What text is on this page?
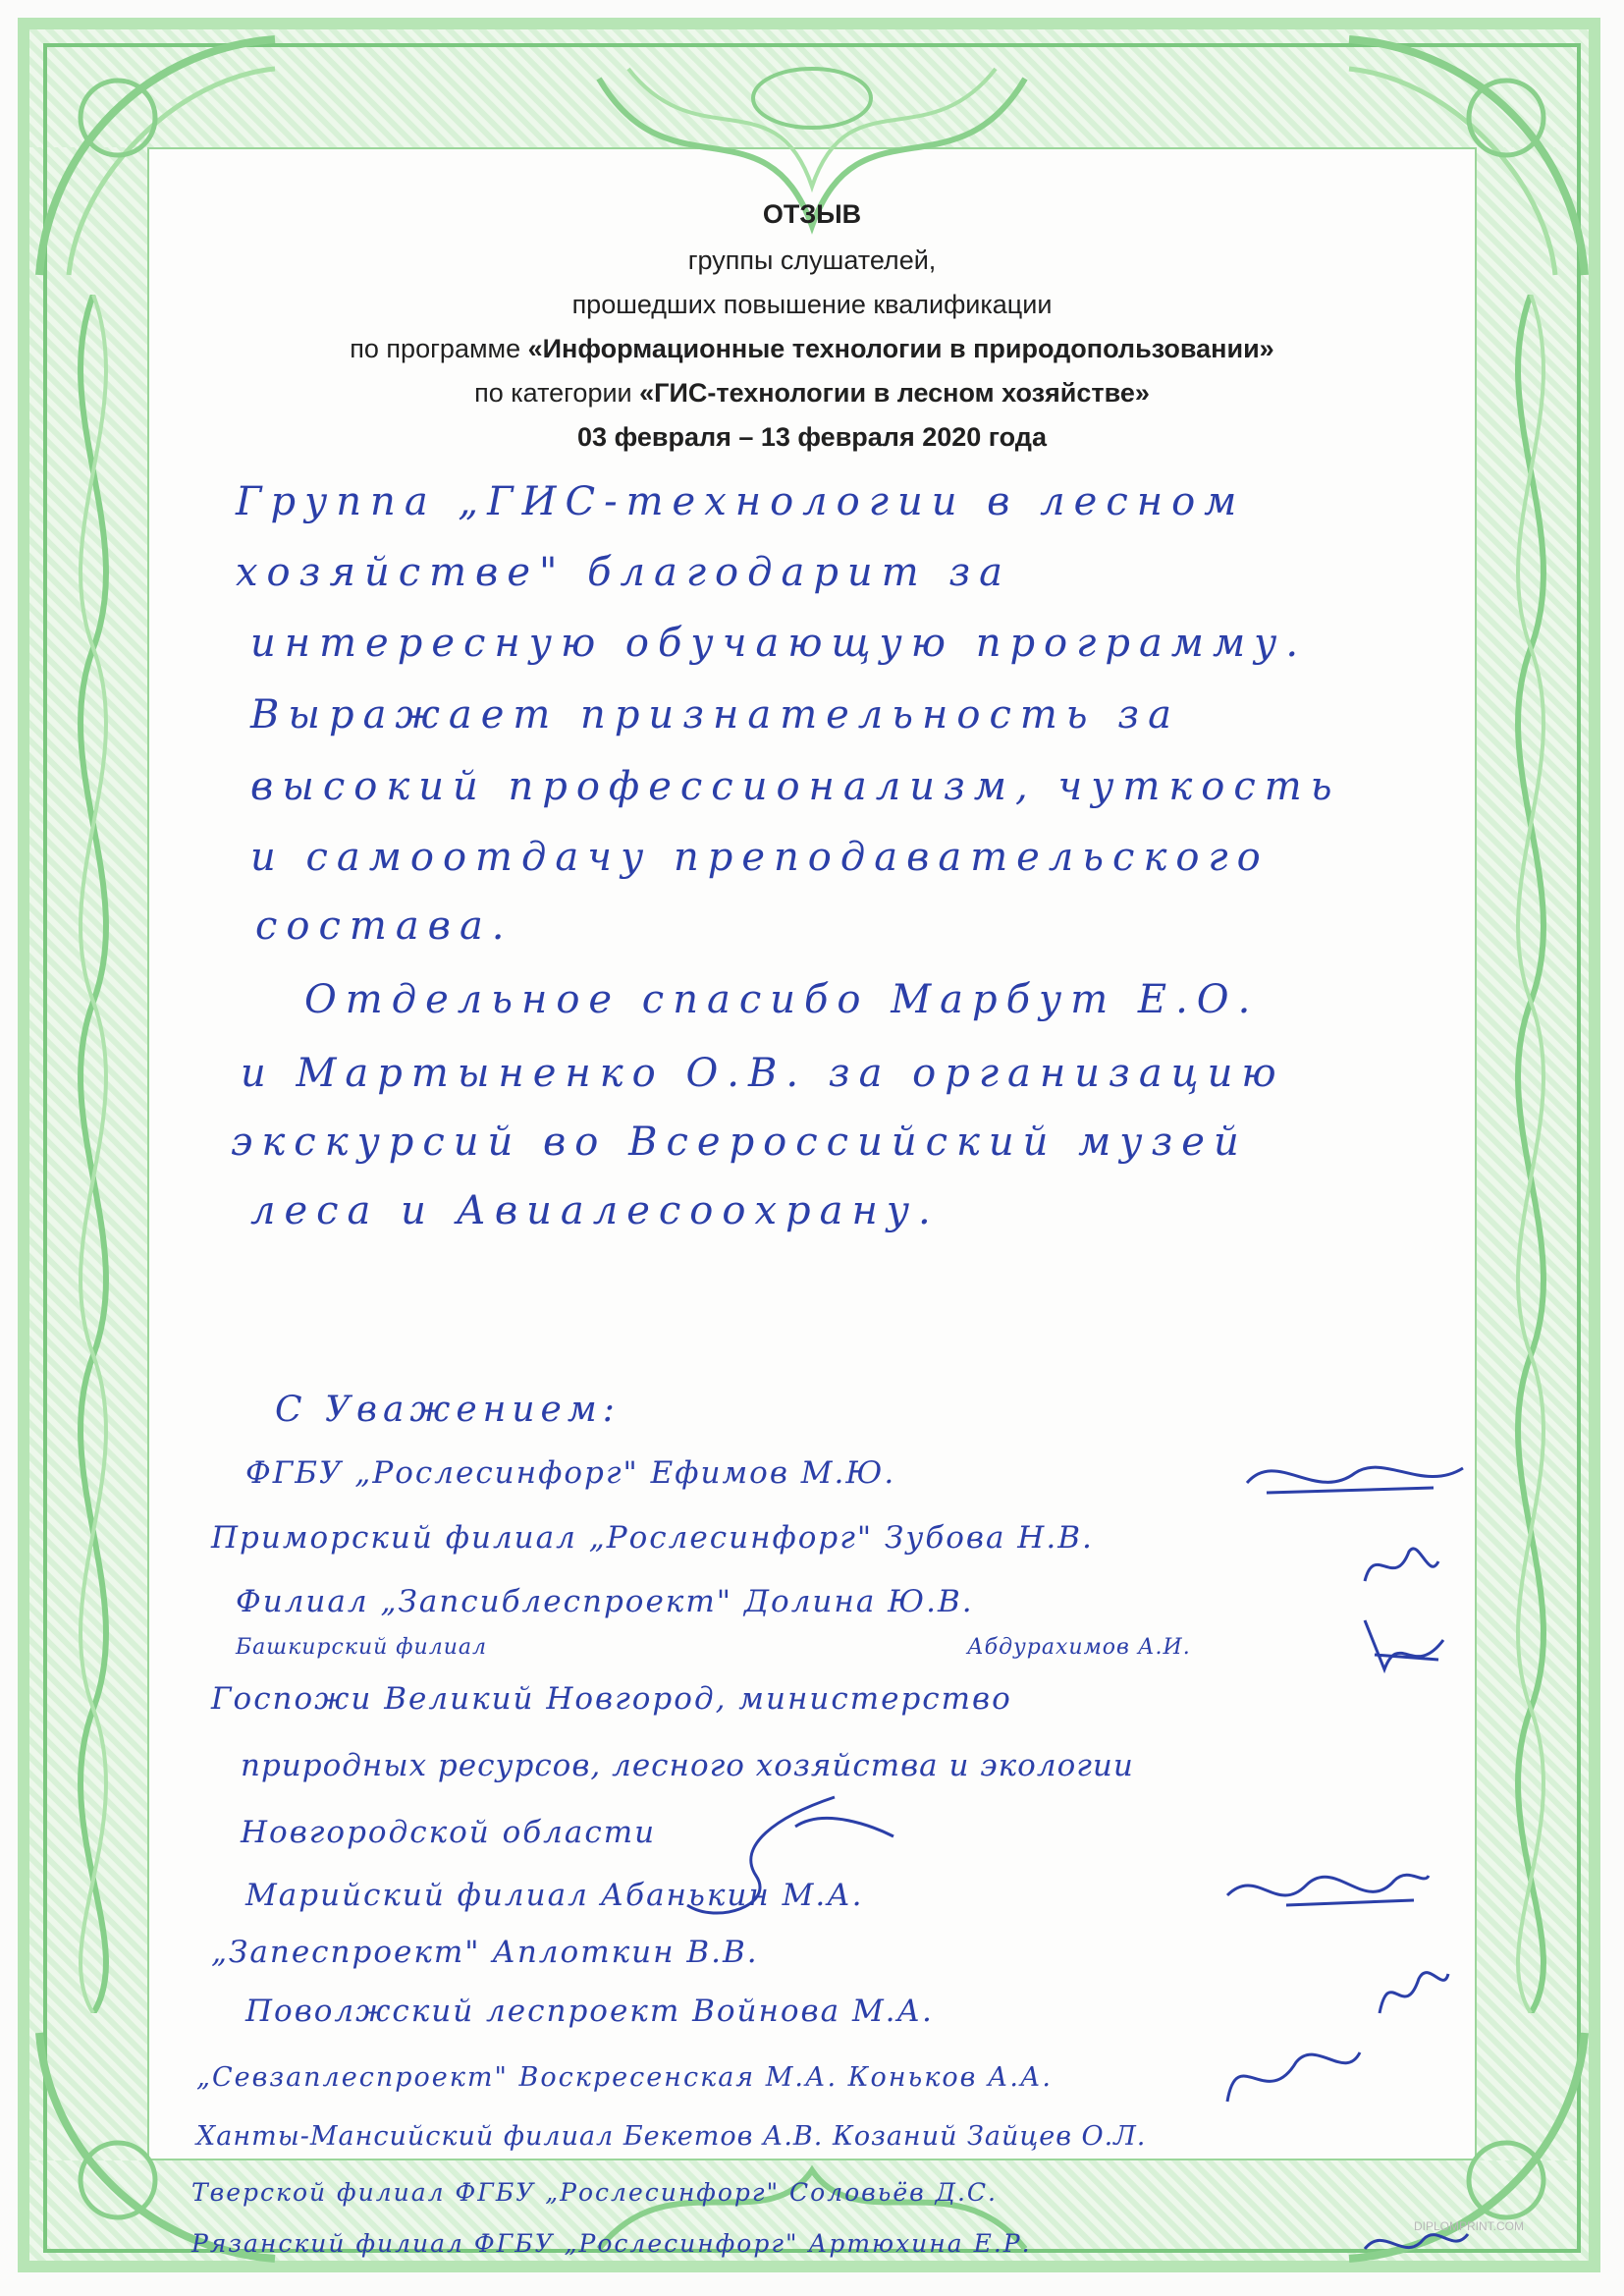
ОТЗЫВ
группы слушателей,
прошедших повышение квалификации
по программе «Информационные технологии в природопользовании»
по категории «ГИС-технологии в лесном хозяйстве»
03 февраля – 13 февраля 2020 года
Группа „ГИС-технологии в лесном
хозяйстве" благодарит за
интересную обучающую программу.
Выражает признательность за
высокий профессионализм, чуткость
и самоотдачу преподавательского
состава.
Отдельное спасибо Марбут Е.О.
и Мартыненко О.В. за организацию
экскурсий во Всероссийский музей
леса и Авиалесоохрану.
С Уважением:
ФГБУ „Рослесинфорг" Ефимов М.Ю.
Приморский филиал „Рослесинфорг" Зубова Н.В.
Филиал „Запсиблеспроект" Долина Ю.В.
Башкирский филиал	Абдурахимов А.И.
Госпожи Великий Новгород, министерство
природных ресурсов, лесного хозяйства и экологии
Новгородской области
Марийский филиал Абанькин М.А.
„Запеспроект" Аплоткин В.В.
Поволжский леспроект Войнова М.А.
„Севзаплеспроект" Воскресенская М.А. Коньков А.А.
Ханты-Мансийский филиал Бекетов А.В. Козаний Зайцев О.Л.
Тверской филиал ФГБУ „Рослесинфорг" Соловьёв Д.С.
Рязанский филиал ФГБУ „Рослесинфорг" Артюхина Е.Р.
DIPLOMPRINT.COM
